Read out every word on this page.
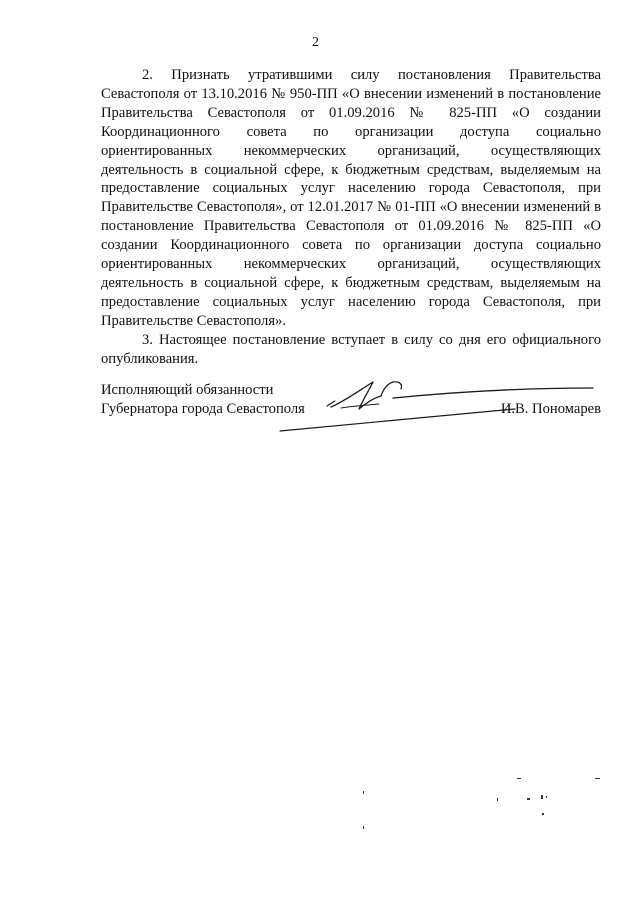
2

2. Признать утратившими силу постановления Правительства Севастополя от 13.10.2016 № 950-ПП «О внесении изменений в постановление Правительства Севастополя от 01.09.2016 № 825-ПП «О создании Координационного совета по организации доступа социально ориентированных некоммерческих организаций, осуществляющих деятельность в социальной сфере, к бюджетным средствам, выделяемым на предоставление социальных услуг населению города Севастополя, при Правительстве Севастополя», от 12.01.2017 № 01-ПП «О внесении изменений в постановление Правительства Севастополя от 01.09.2016 № 825-ПП «О создании Координационного совета по организации доступа социально ориентированных некоммерческих организаций, осуществляющих деятельность в социальной сфере, к бюджетным средствам, выделяемым на предоставление социальных услуг населению города Севастополя, при Правительстве Севастополя».

3. Настоящее постановление вступает в силу со дня его официального опубликования.

Исполняющий обязанности
Губернатора города Севастополя	И.В. Пономарев
